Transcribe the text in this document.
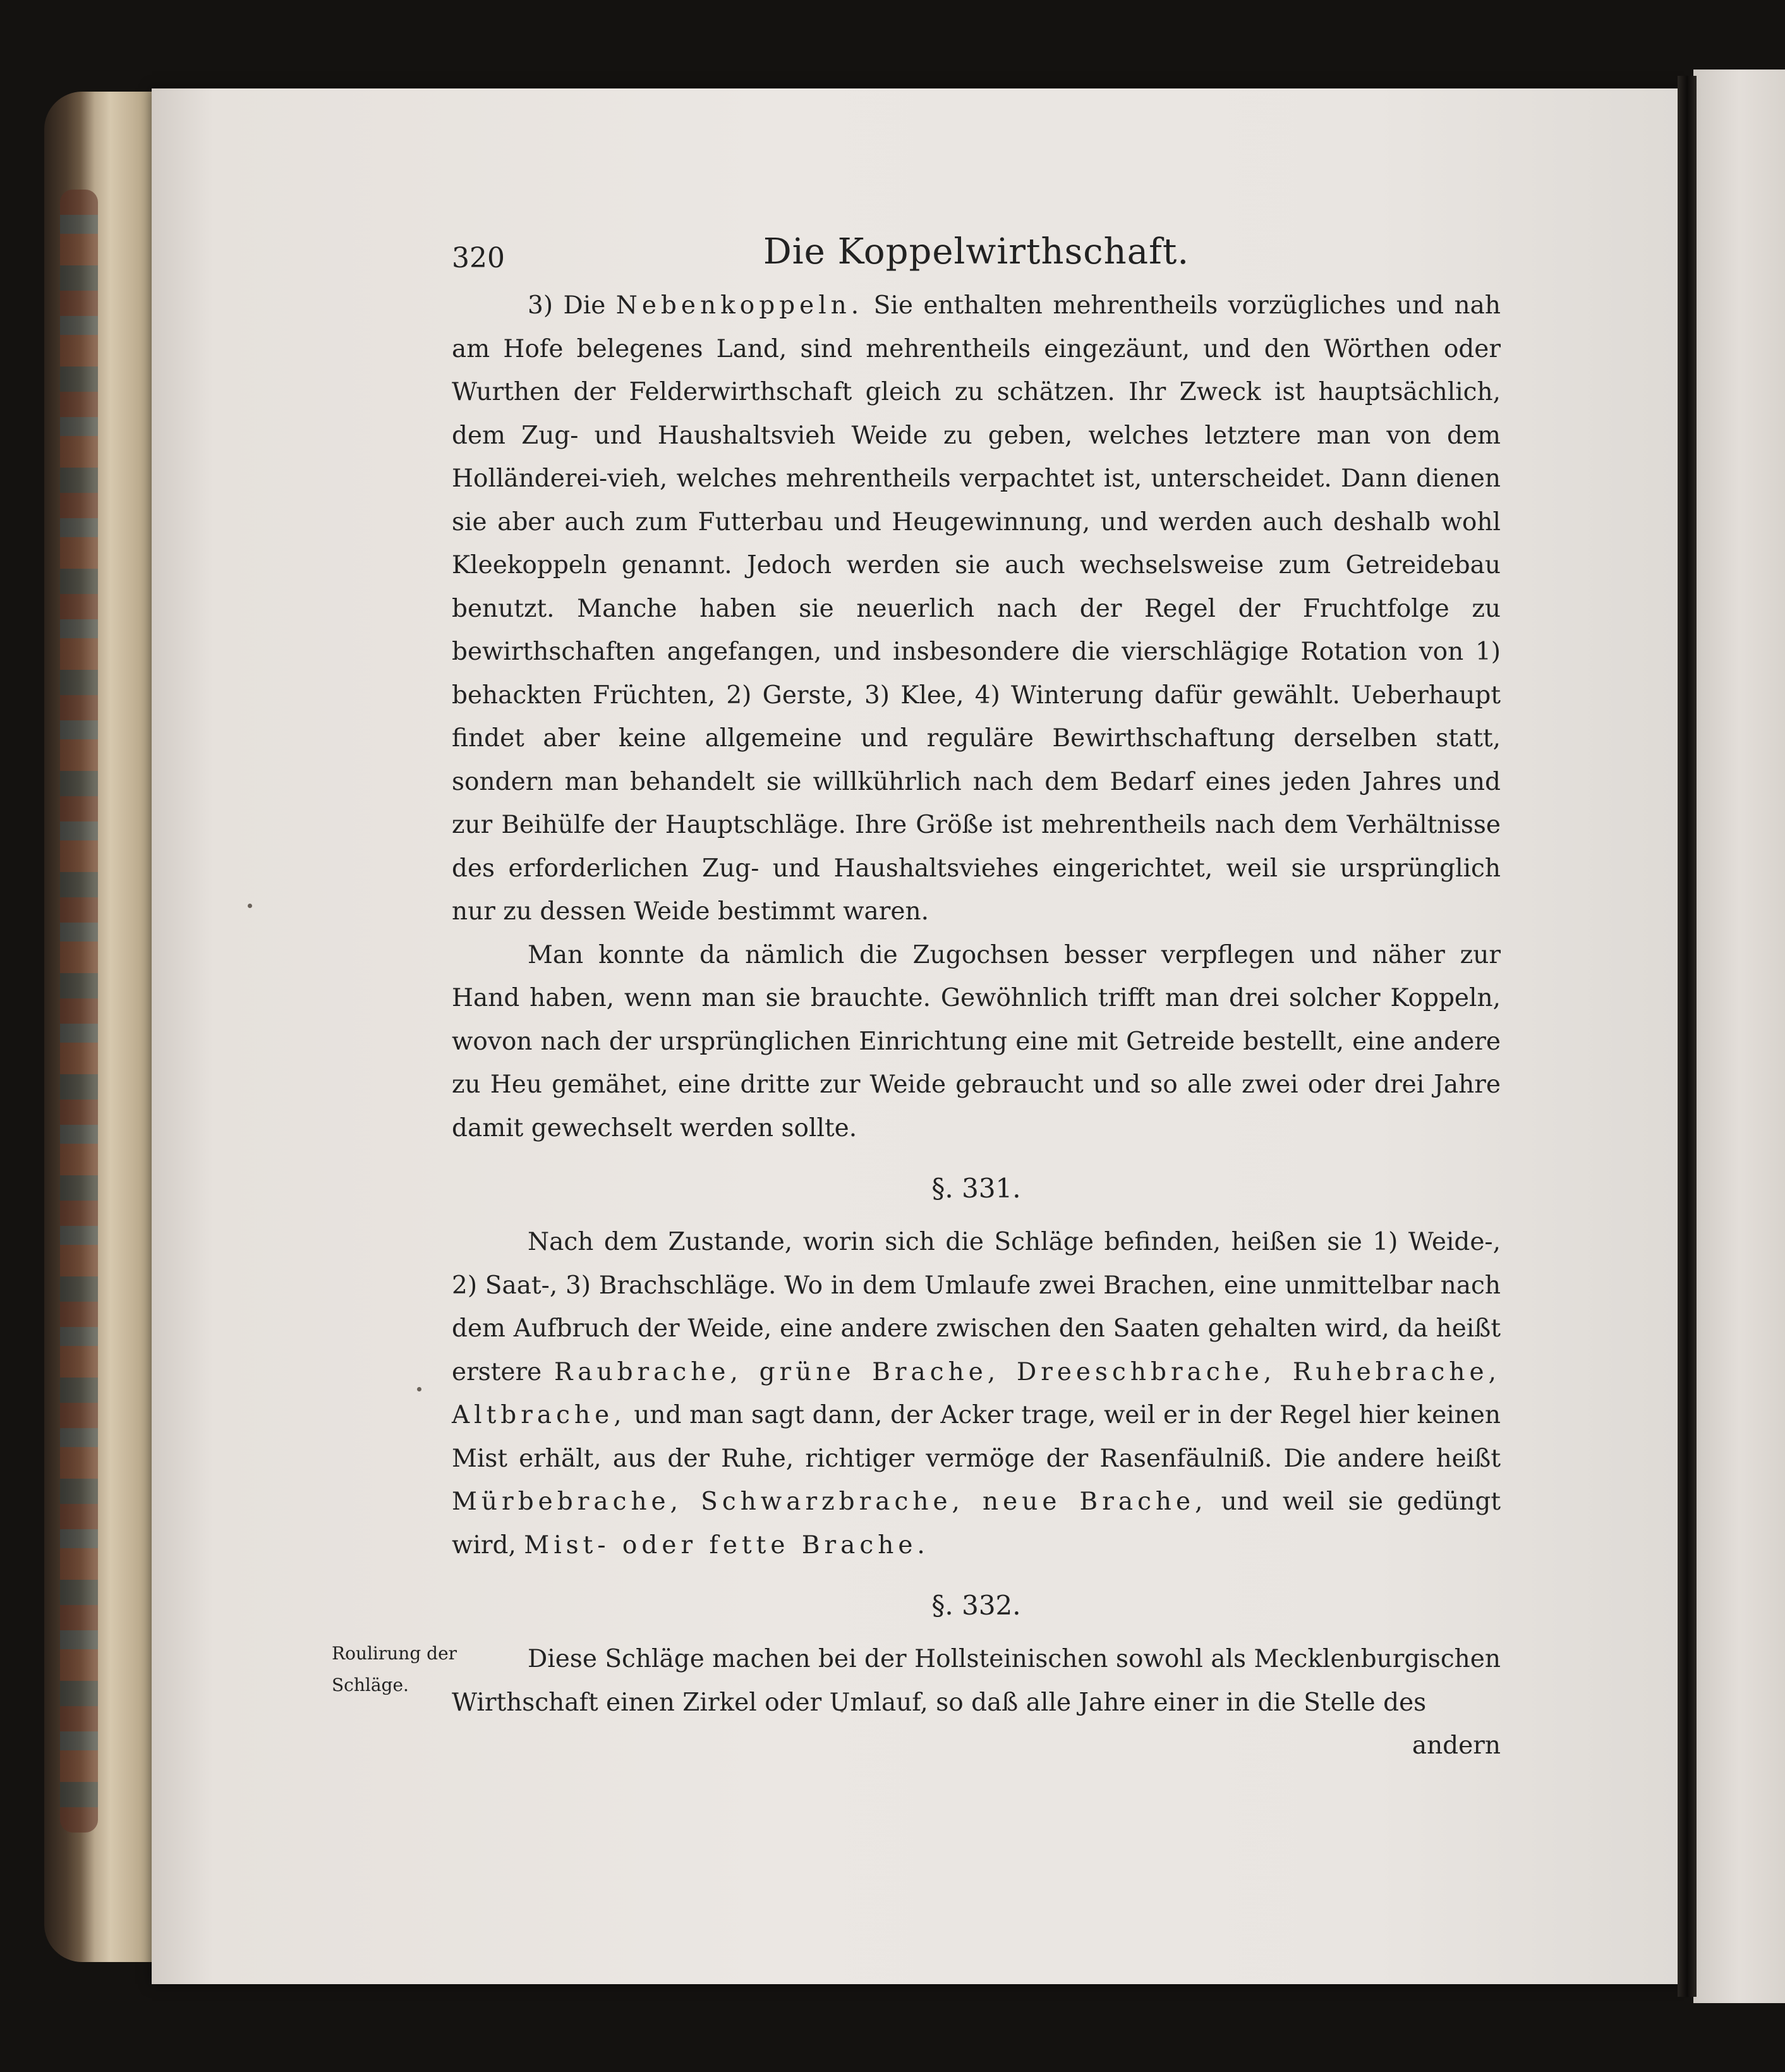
320	Die Koppelwirthschaft.

3) Die Nebenkoppeln. Sie enthalten mehrentheils vorzügliches und nah am Hofe belegenes Land, sind mehrentheils eingezäunt, und den Wörthen oder Wurthen der Felderwirthschaft gleich zu schätzen. Ihr Zweck ist hauptsächlich, dem Zug- und Haushaltsvieh Weide zu geben, welches letztere man von dem Holländerei-vieh, welches mehrentheils verpachtet ist, unterscheidet. Dann dienen sie aber auch zum Futterbau und Heugewinnung, und werden auch deshalb wohl Kleekoppeln genannt. Jedoch werden sie auch wechselsweise zum Getreidebau benutzt. Manche haben sie neuerlich nach der Regel der Fruchtfolge zu bewirthschaften angefangen, und insbesondere die vierschlägige Rotation von 1) behackten Früchten, 2) Gerste, 3) Klee, 4) Winterung dafür gewählt. Ueberhaupt findet aber keine allgemeine und reguläre Bewirthschaftung derselben statt, sondern man behandelt sie willkührlich nach dem Bedarf eines jeden Jahres und zur Beihülfe der Hauptschläge. Ihre Größe ist mehrentheils nach dem Verhältnisse des erforderlichen Zug- und Haushaltsviehes eingerichtet, weil sie ursprünglich nur zu dessen Weide bestimmt waren.

Man konnte da nämlich die Zugochsen besser verpflegen und näher zur Hand haben, wenn man sie brauchte. Gewöhnlich trifft man drei solcher Koppeln, wovon nach der ursprünglichen Einrichtung eine mit Getreide bestellt, eine andere zu Heu gemähet, eine dritte zur Weide gebraucht und so alle zwei oder drei Jahre damit gewechselt werden sollte.

§. 331.

Nach dem Zustande, worin sich die Schläge befinden, heißen sie 1) Weide-, 2) Saat-, 3) Brachschläge. Wo in dem Umlaufe zwei Brachen, eine unmittelbar nach dem Aufbruch der Weide, eine andere zwischen den Saaten gehalten wird, da heißt erstere Raubrache, grüne Brache, Dreeschbrache, Ruhebrache, Altbrache, und man sagt dann, der Acker trage, weil er in der Regel hier keinen Mist erhält, aus der Ruhe, richtiger vermöge der Rasenfäulniß. Die andere heißt Mürbebrache, Schwarzbrache, neue Brache, und weil sie gedüngt wird, Mist- oder fette Brache.

§. 332.
Roulirung der Schläge.

Diese Schläge machen bei der Hollsteinischen sowohl als Mecklenburgischen Wirthschaft einen Zirkel oder Umlauf, so daß alle Jahre einer in die Stelle des

andern
